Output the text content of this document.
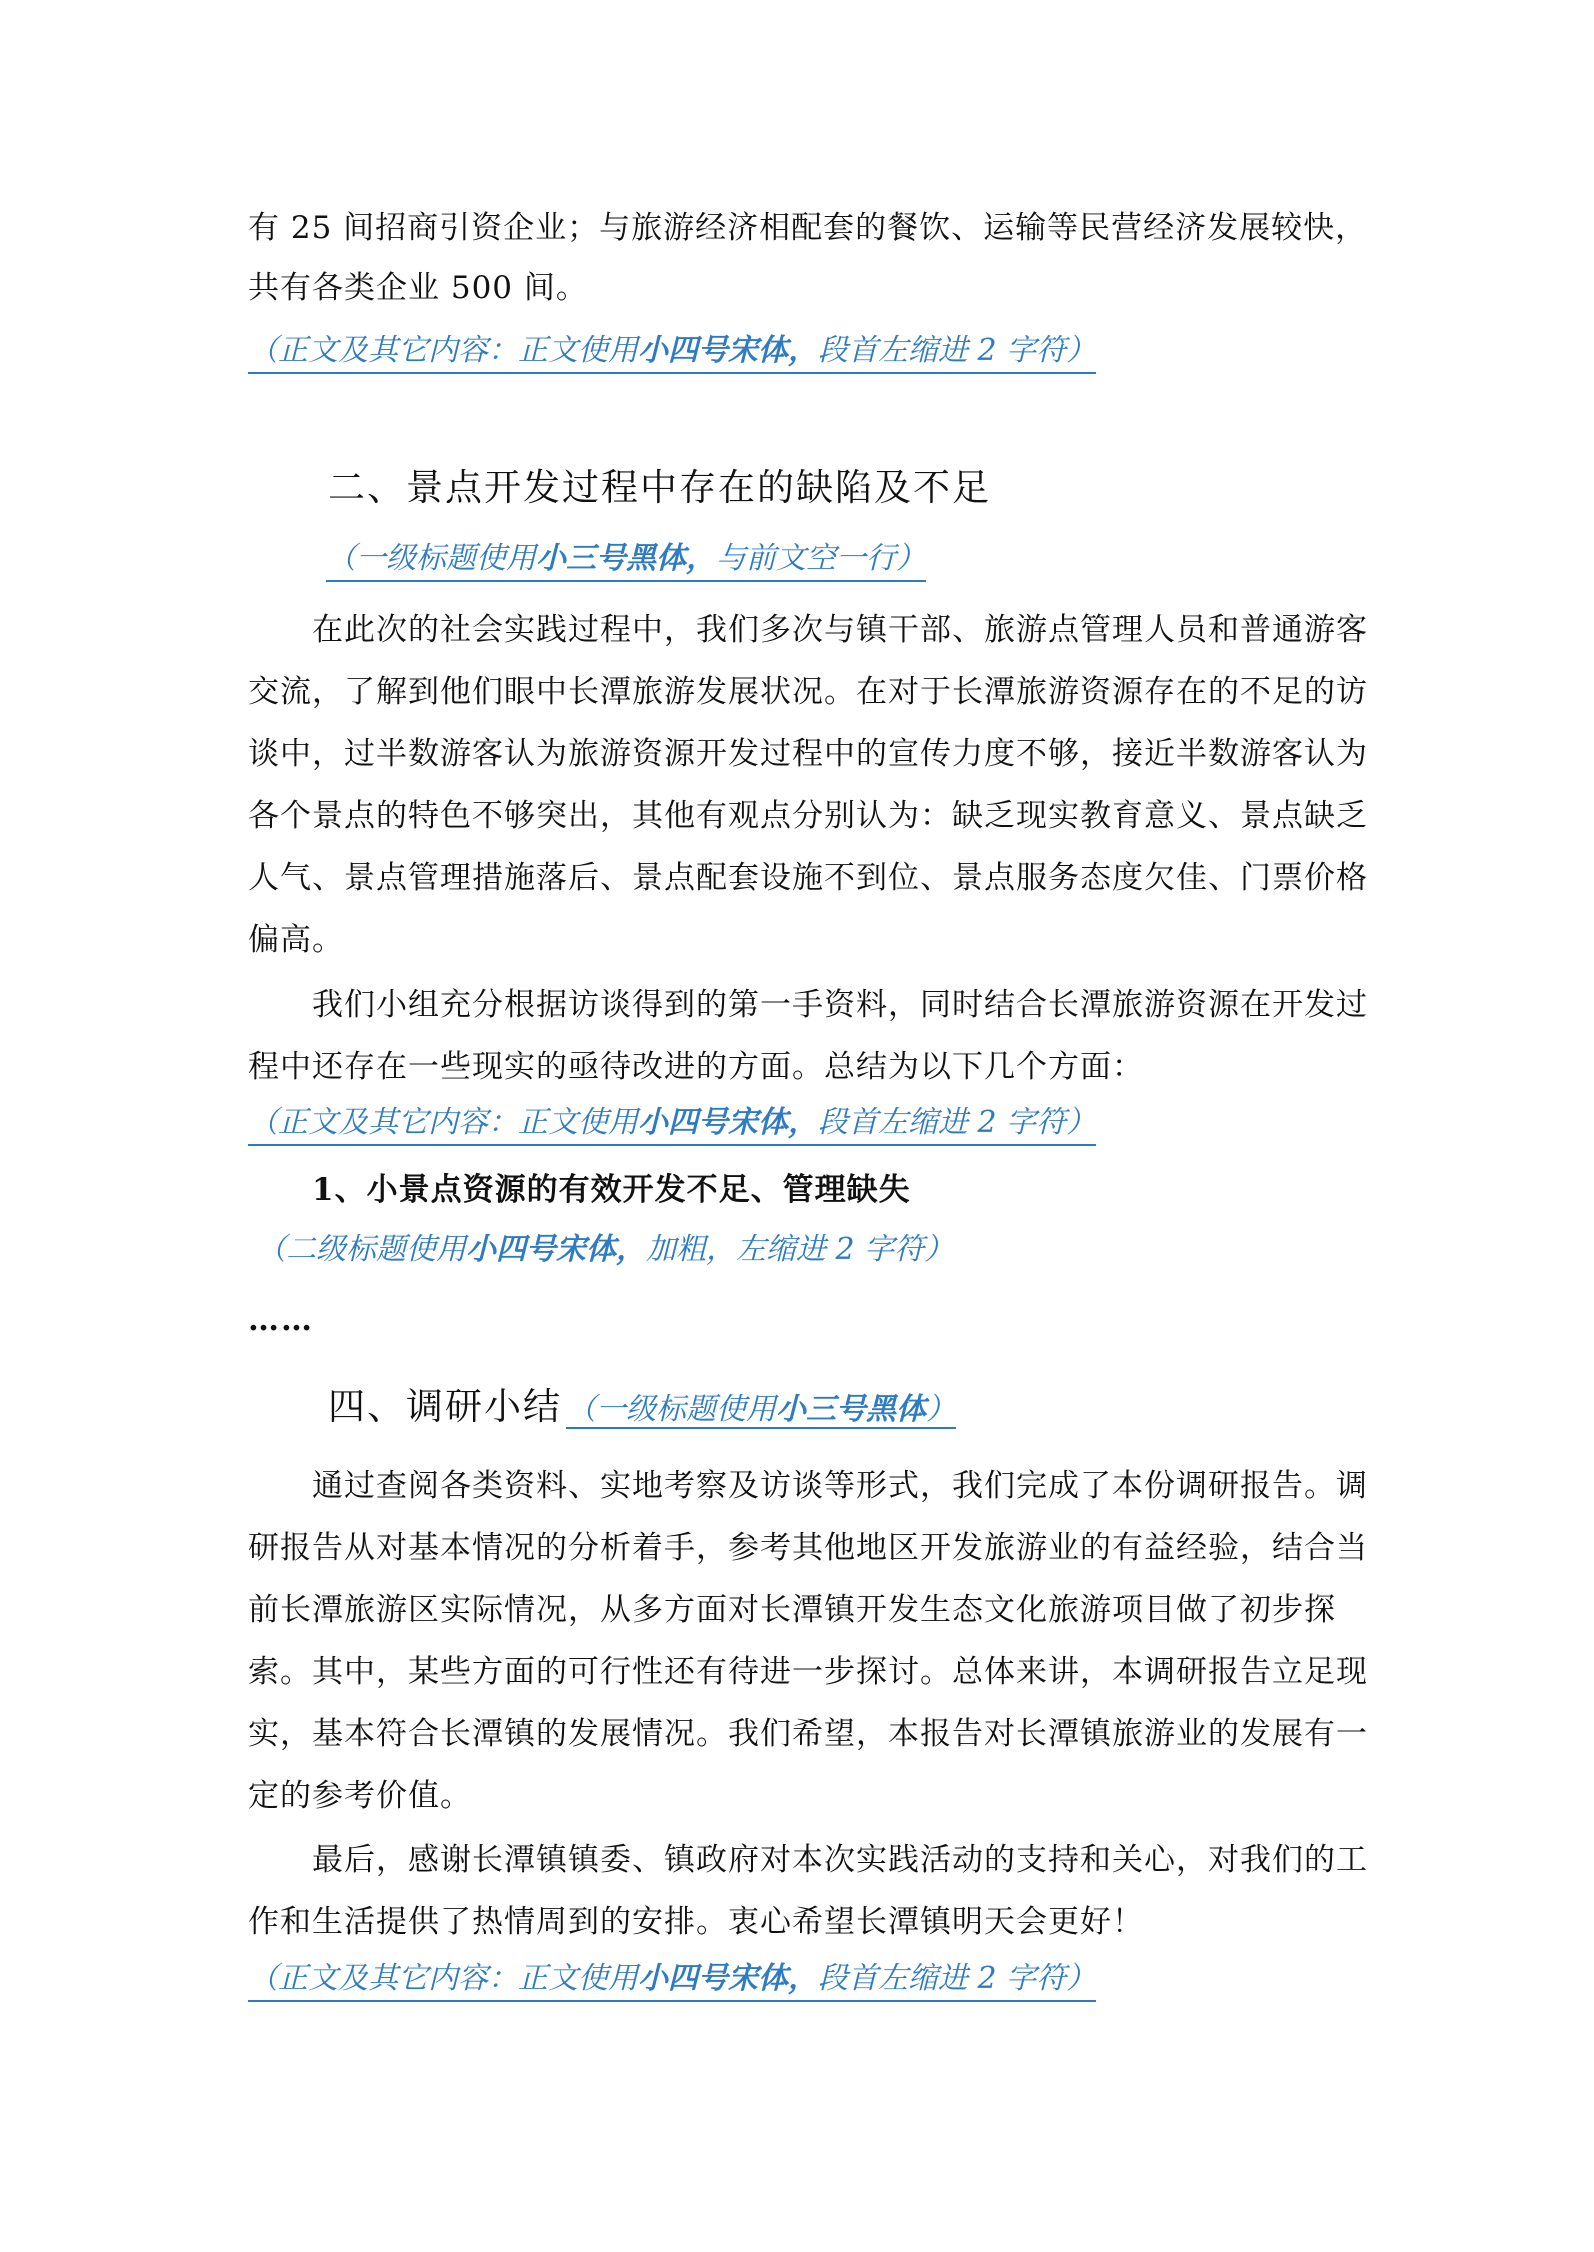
有 25 间招商引资企业；与旅游经济相配套的餐饮、运输等民营经济发展较快，
共有各类企业 500 间。
（正文及其它内容：正文使用小四号宋体，段首左缩进 2 字符）
二、景点开发过程中存在的缺陷及不足
（一级标题使用小三号黑体，与前文空一行）
在此次的社会实践过程中，我们多次与镇干部、旅游点管理人员和普通游客
交流，了解到他们眼中长潭旅游发展状况。在对于长潭旅游资源存在的不足的访
谈中，过半数游客认为旅游资源开发过程中的宣传力度不够，接近半数游客认为
各个景点的特色不够突出，其他有观点分别认为：缺乏现实教育意义、景点缺乏
人气、景点管理措施落后、景点配套设施不到位、景点服务态度欠佳、门票价格
偏高。
我们小组充分根据访谈得到的第一手资料，同时结合长潭旅游资源在开发过
程中还存在一些现实的亟待改进的方面。总结为以下几个方面：
（正文及其它内容：正文使用小四号宋体，段首左缩进 2 字符）
1、小景点资源的有效开发不足、管理缺失
（二级标题使用小四号宋体，加粗，左缩进 2 字符）
……
四、调研小结 （一级标题使用小三号黑体）
通过查阅各类资料、实地考察及访谈等形式，我们完成了本份调研报告。调
研报告从对基本情况的分析着手，参考其他地区开发旅游业的有益经验，结合当
前长潭旅游区实际情况，从多方面对长潭镇开发生态文化旅游项目做了初步探
索。其中，某些方面的可行性还有待进一步探讨。总体来讲，本调研报告立足现
实，基本符合长潭镇的发展情况。我们希望，本报告对长潭镇旅游业的发展有一
定的参考价值。
最后，感谢长潭镇镇委、镇政府对本次实践活动的支持和关心，对我们的工
作和生活提供了热情周到的安排。衷心希望长潭镇明天会更好！
（正文及其它内容：正文使用小四号宋体，段首左缩进 2 字符）
